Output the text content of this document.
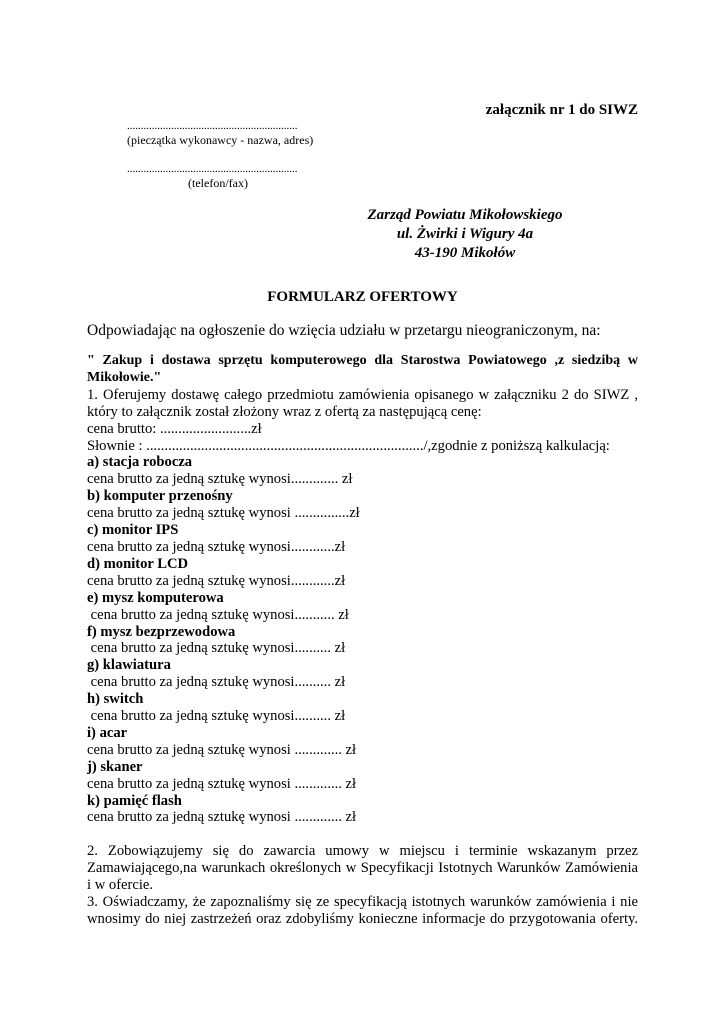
załącznik nr 1 do SIWZ
..............................................................
(pieczątka wykonawcy - nazwa, adres)
..............................................................
(telefon/fax)
Zarząd Powiatu Mikołowskiego
ul. Żwirki i Wigury 4a
43-190 Mikołów
FORMULARZ OFERTOWY
Odpowiadając na ogłoszenie do wzięcia udziału w przetargu nieograniczonym, na:
" Zakup i dostawa sprzętu komputerowego dla Starostwa Powiatowego ,z siedzibą w
Mikołowie."
1. Oferujemy dostawę całego przedmiotu zamówienia opisanego w załączniku 2 do SIWZ ,
który to załącznik został złożony wraz z ofertą za następującą cenę:
cena brutto: .........................zł
Słownie : ............................................................................/,zgodnie z poniższą kalkulacją:
a) stacja robocza
cena brutto za jedną sztukę wynosi............. zł
b) komputer przenośny
cena brutto za jedną sztukę wynosi ...............zł
c) monitor IPS
cena brutto za jedną sztukę wynosi............zł
d) monitor LCD
cena brutto za jedną sztukę wynosi............zł
e) mysz komputerowa
cena brutto za jedną sztukę wynosi........... zł
f) mysz bezprzewodowa
cena brutto za jedną sztukę wynosi.......... zł
g) klawiatura
cena brutto za jedną sztukę wynosi.......... zł
h) switch
cena brutto za jedną sztukę wynosi.......... zł
i) acar
cena brutto za jedną sztukę wynosi ............. zł
j) skaner
cena brutto za jedną sztukę wynosi ............. zł
k) pamięć flash
cena brutto za jedną sztukę wynosi ............. zł
2. Zobowiązujemy się do zawarcia umowy w miejscu i terminie wskazanym przez
Zamawiającego,na warunkach określonych w Specyfikacji Istotnych Warunków Zamówienia
i w ofercie.
3. Oświadczamy, że zapoznaliśmy się ze specyfikacją istotnych warunków zamówienia i nie
wnosimy do niej zastrzeżeń oraz zdobyliśmy konieczne informacje do przygotowania oferty.
